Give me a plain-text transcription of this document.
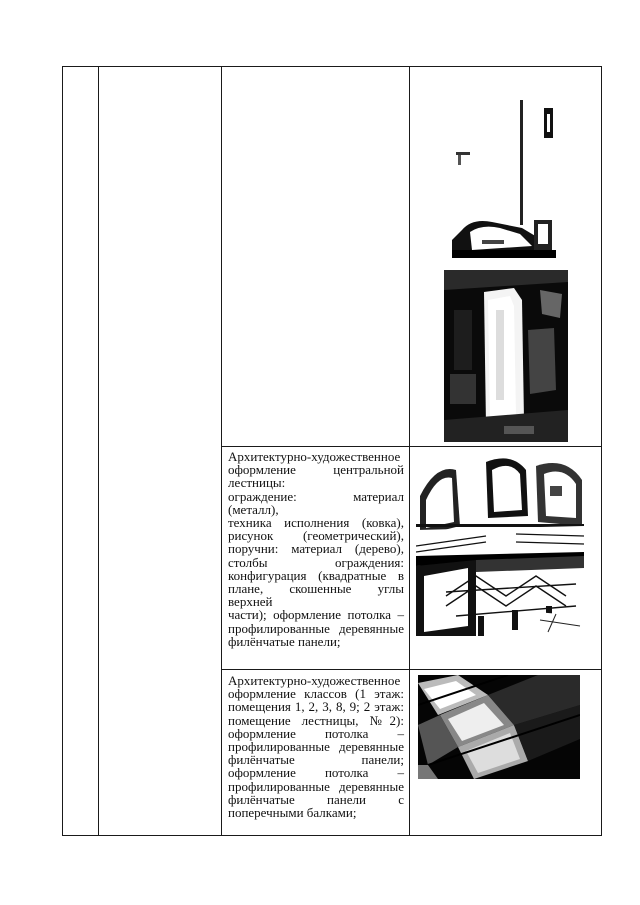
Архитектурно-художественное
оформление центральной
лестницы:
ограждение: материал (металл),
техника исполнения (ковка),
рисунок (геометрический),
поручни: материал (дерево),
столбы ограждения:
конфигурация (квадратные в
плане, скошенные углы верхней
части); оформление потолка –
профилированные деревянные
филёнчатые панели;

Архитектурно-художественное
оформление классов (1 этаж:
помещения 1, 2, 3, 8, 9; 2 этаж:
помещение лестницы, №2):
оформление потолка –
профилированные деревянные
филёнчатые панели;
оформление потолка –
профилированные деревянные
филёнчатые панели с
поперечными балками;
